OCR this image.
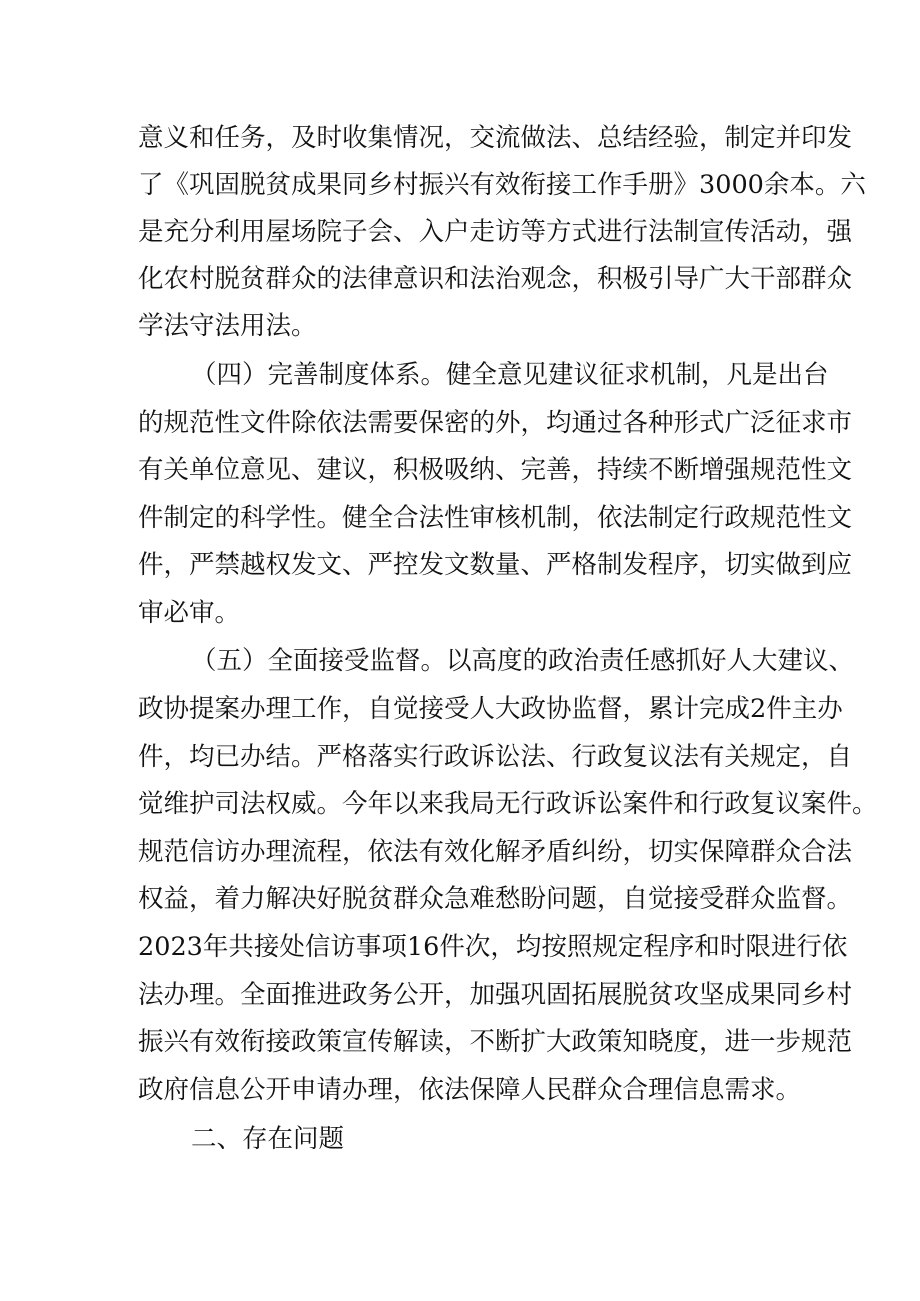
意义和任务，及时收集情况，交流做法、总结经验，制定并印发
了《巩固脱贫成果同乡村振兴有效衔接工作手册》3000余本。六
是充分利用屋场院子会、入户走访等方式进行法制宣传活动，强
化农村脱贫群众的法律意识和法治观念，积极引导广大干部群众
学法守法用法。
（四）完善制度体系。健全意见建议征求机制，凡是出台
的规范性文件除依法需要保密的外，均通过各种形式广泛征求市
有关单位意见、建议，积极吸纳、完善，持续不断增强规范性文
件制定的科学性。健全合法性审核机制，依法制定行政规范性文
件，严禁越权发文、严控发文数量、严格制发程序，切实做到应
审必审。
（五）全面接受监督。以高度的政治责任感抓好人大建议、
政协提案办理工作，自觉接受人大政协监督，累计完成2件主办
件，均已办结。严格落实行政诉讼法、行政复议法有关规定，自
觉维护司法权威。今年以来我局无行政诉讼案件和行政复议案件。
规范信访办理流程，依法有效化解矛盾纠纷，切实保障群众合法
权益，着力解决好脱贫群众急难愁盼问题，自觉接受群众监督。
2023年共接处信访事项16件次，均按照规定程序和时限进行依
法办理。全面推进政务公开，加强巩固拓展脱贫攻坚成果同乡村
振兴有效衔接政策宣传解读，不断扩大政策知晓度，进一步规范
政府信息公开申请办理，依法保障人民群众合理信息需求。
二、存在问题
